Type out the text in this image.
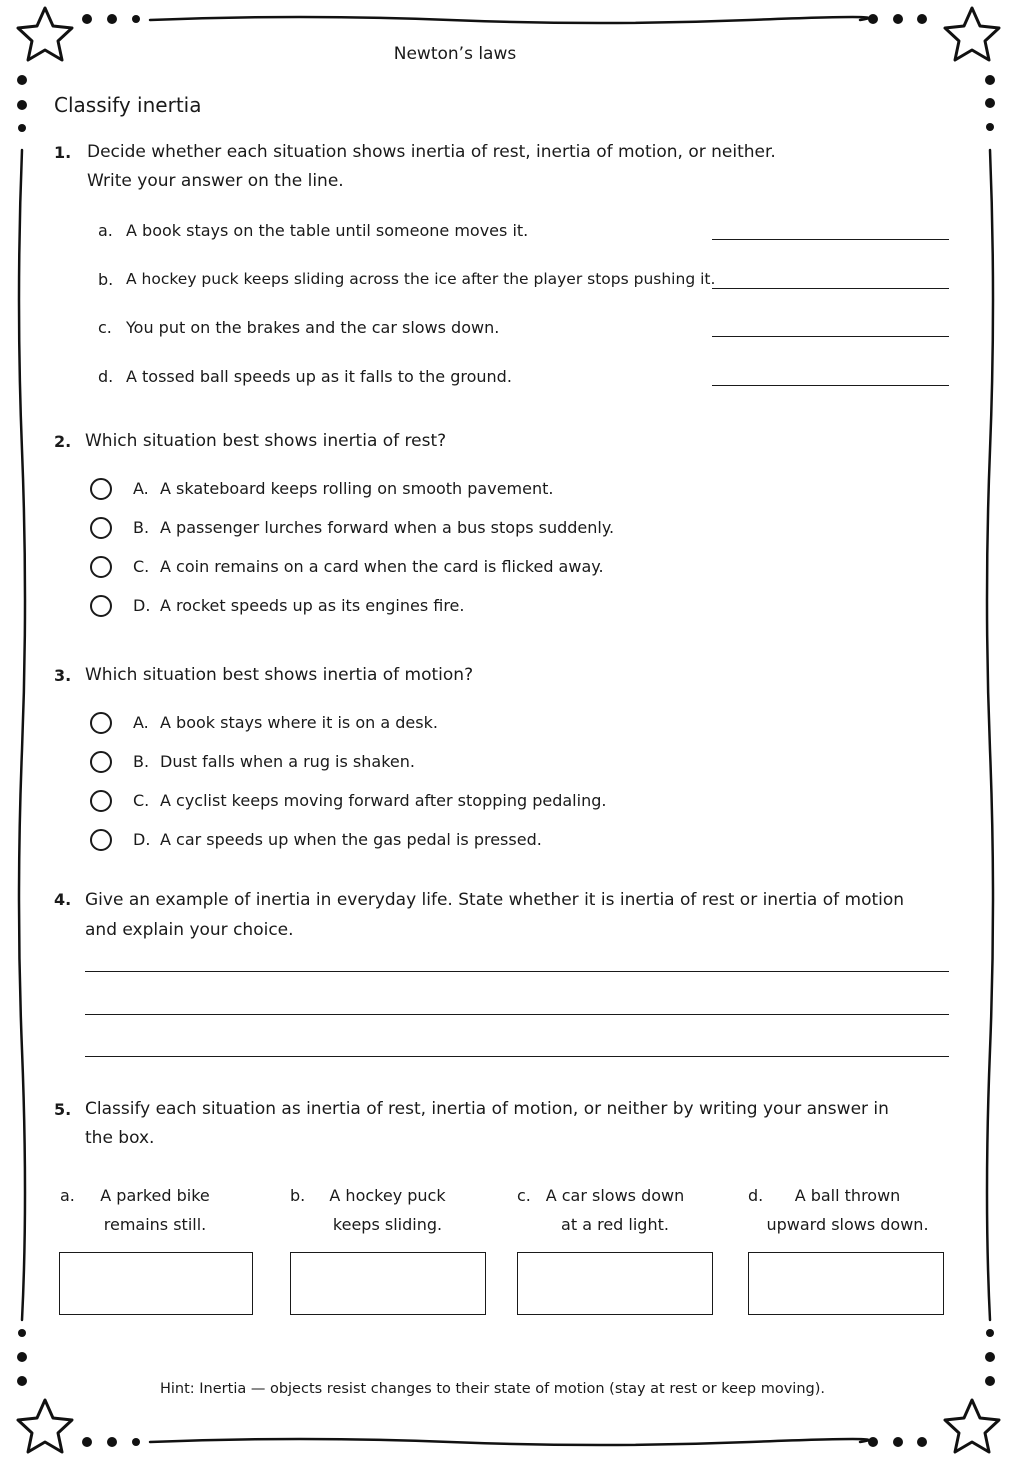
Newton’s laws
Classify inertia
1. Decide whether each situation shows inertia of rest, inertia of motion, or neither.
Write your answer on the line.
a. A book stays on the table until someone moves it.
b. A hockey puck keeps sliding across the ice after the player stops pushing it.
c. You put on the brakes and the car slows down.
d. A tossed ball speeds up as it falls to the ground.
2. Which situation best shows inertia of rest?
A. A skateboard keeps rolling on smooth pavement.
B. A passenger lurches forward when a bus stops suddenly.
C. A coin remains on a card when the card is flicked away.
D. A rocket speeds up as its engines fire.
3. Which situation best shows inertia of motion?
A. A book stays where it is on a desk.
B. Dust falls when a rug is shaken.
C. A cyclist keeps moving forward after stopping pedaling.
D. A car speeds up when the gas pedal is pressed.
4. Give an example of inertia in everyday life. State whether it is inertia of rest or inertia of motion
and explain your choice.
5. Classify each situation as inertia of rest, inertia of motion, or neither by writing your answer in
the box.
a.	A parked bike
remains still.
b. A hockey puck
keeps sliding.
c. A car slows down
at a red light.
d.	A ball thrown
upward slows down.
Hint: Inertia — objects resist changes to their state of motion (stay at rest or keep moving).
